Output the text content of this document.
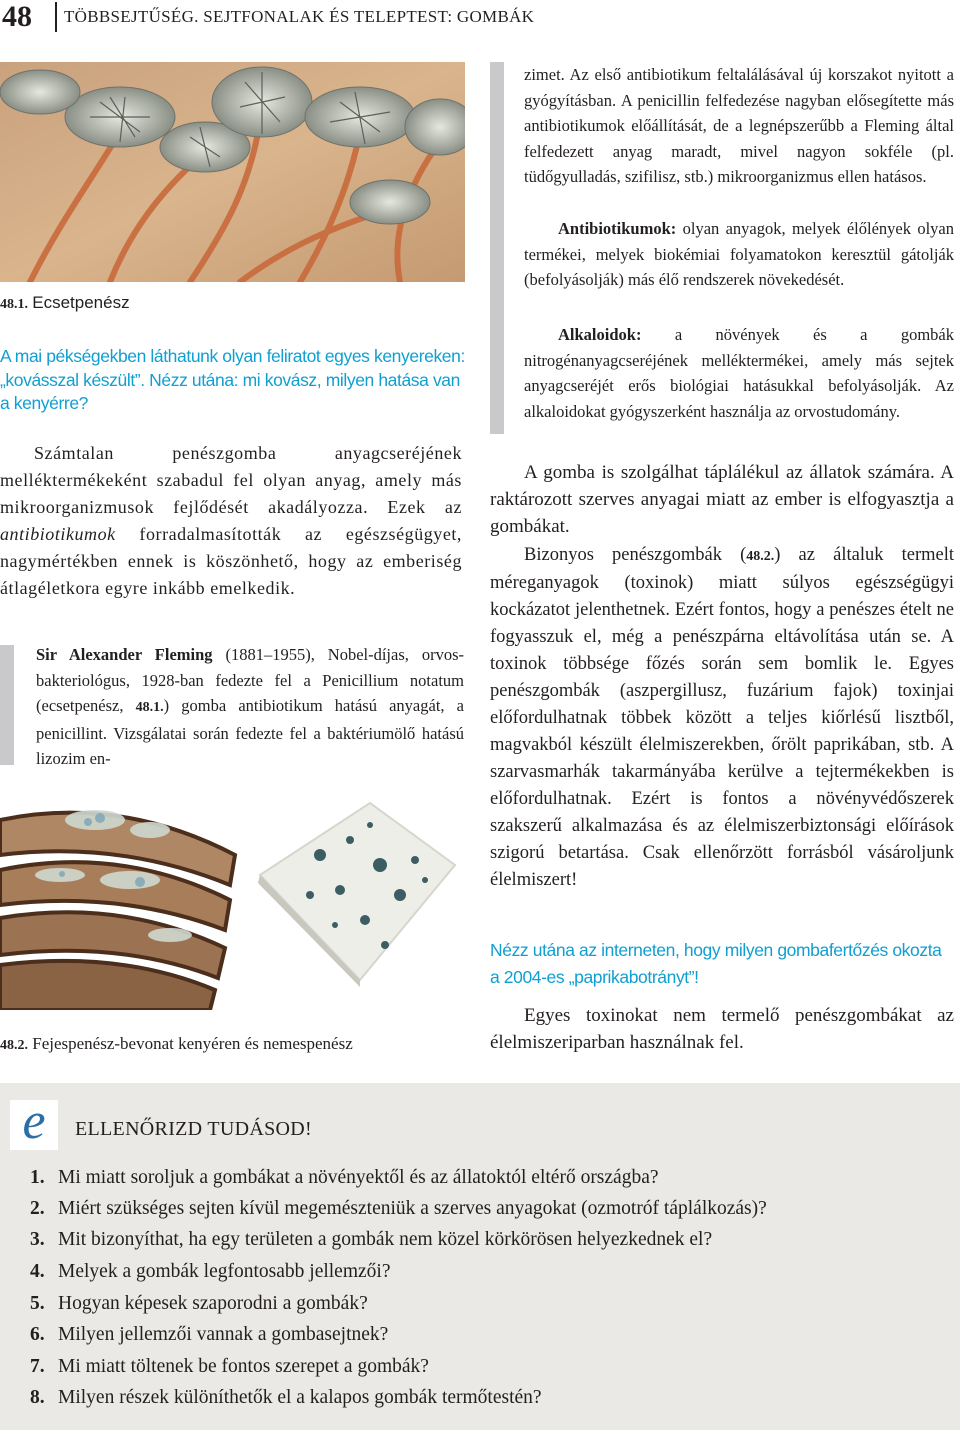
48 TÖBBSEJTŰSÉG. SEJTFONALAK ÉS TELEPTEST: GOMBÁK
48.1. Ecsetpenész
A mai pékségekben láthatunk olyan feliratot egyes kenyereken:
„kovásszal készült”. Nézz utána: mi kovász, milyen hatása van
a kenyérre?
Számtalan penészgomba anyagcseréjének melléktermékeként szabadul fel olyan anyag, amely más mikroorganizmusok fejlődését akadályozza. Ezek az antibiotikumok forradalmasították az egészségügyet, nagymértékben ennek is köszönhető, hogy az emberiség átlagéletkora egyre inkább emelkedik.
Sir Alexander Fleming (1881–1955), Nobel-díjas, orvos-bakteriológus, 1928-ban fedezte fel a Penicillium notatum (ecsetpenész, 48.1.) gomba antibiotikum hatású anyagát, a penicillint. Vizsgálatai során fedezte fel a baktériumölő hatású lizozim en-
48.2. Fejespenész-bevonat kenyéren és nemespenész
zimet. Az első antibiotikum feltalálásával új korszakot nyitott a gyógyításban. A penicillin felfedezése nagyban elősegítette más antibiotikumok előállítását, de a legnépszerűbb a Fleming által felfedezett anyag maradt, mivel nagyon sokféle (pl. tüdőgyulladás, szifilisz, stb.) mikroorganizmus ellen hatásos.
Antibiotikumok: olyan anyagok, melyek élőlények olyan termékei, melyek biokémiai folyamatokon keresztül gátolják (befolyásolják) más élő rendszerek növekedését.
Alkaloidok: a növények és a gombák nitrogénanyagcseréjének melléktermékei, amely más sejtek anyagcseréjét erős biológiai hatásukkal befolyásolják. Az alkaloidokat gyógyszerként használja az orvostudomány.
A gomba is szolgálhat táplálékul az állatok számára. A raktározott szerves anyagai miatt az ember is elfogyasztja a gombákat.
Bizonyos penészgombák (48.2.) az általuk termelt méreganyagok (toxinok) miatt súlyos egészségügyi kockázatot jelenthetnek. Ezért fontos, hogy a penészes ételt ne fogyasszuk el, még a penészpárna eltávolítása után se. A toxinok többsége főzés során sem bomlik le. Egyes penészgombák (aszpergillusz, fuzárium fajok) toxinjai előfordulhatnak többek között a teljes kiőrlésű lisztből, magvakból készült élelmiszerekben, őrölt paprikában, stb. A szarvasmarhák takarmányába kerülve a tejtermékekben is előfordulhatnak. Ezért is fontos a növényvédőszerek szakszerű alkalmazása és az élelmiszerbiztonsági előírások szigorú betartása. Csak ellenőrzött forrásból vásároljunk élelmiszert!
Nézz utána az interneten, hogy milyen gombafertőzés okozta
a 2004-es „paprikabotrányt”!
Egyes toxinokat nem termelő penészgombákat az élelmiszeriparban használnak fel.
e	ELLENŐRIZD TUDÁSOD!
1. Mi miatt soroljuk a gombákat a növényektől és az állatoktól eltérő országba?
2. Miért szükséges sejten kívül megemészteniük a szerves anyagokat (ozmotróf táplálkozás)?
3. Mit bizonyíthat, ha egy területen a gombák nem közel körkörösen helyezkednek el?
4. Melyek a gombák legfontosabb jellemzői?
5. Hogyan képesek szaporodni a gombák?
6. Milyen jellemzői vannak a gombasejtnek?
7. Mi miatt töltenek be fontos szerepet a gombák?
8. Milyen részek különíthetők el a kalapos gombák termőtestén?
